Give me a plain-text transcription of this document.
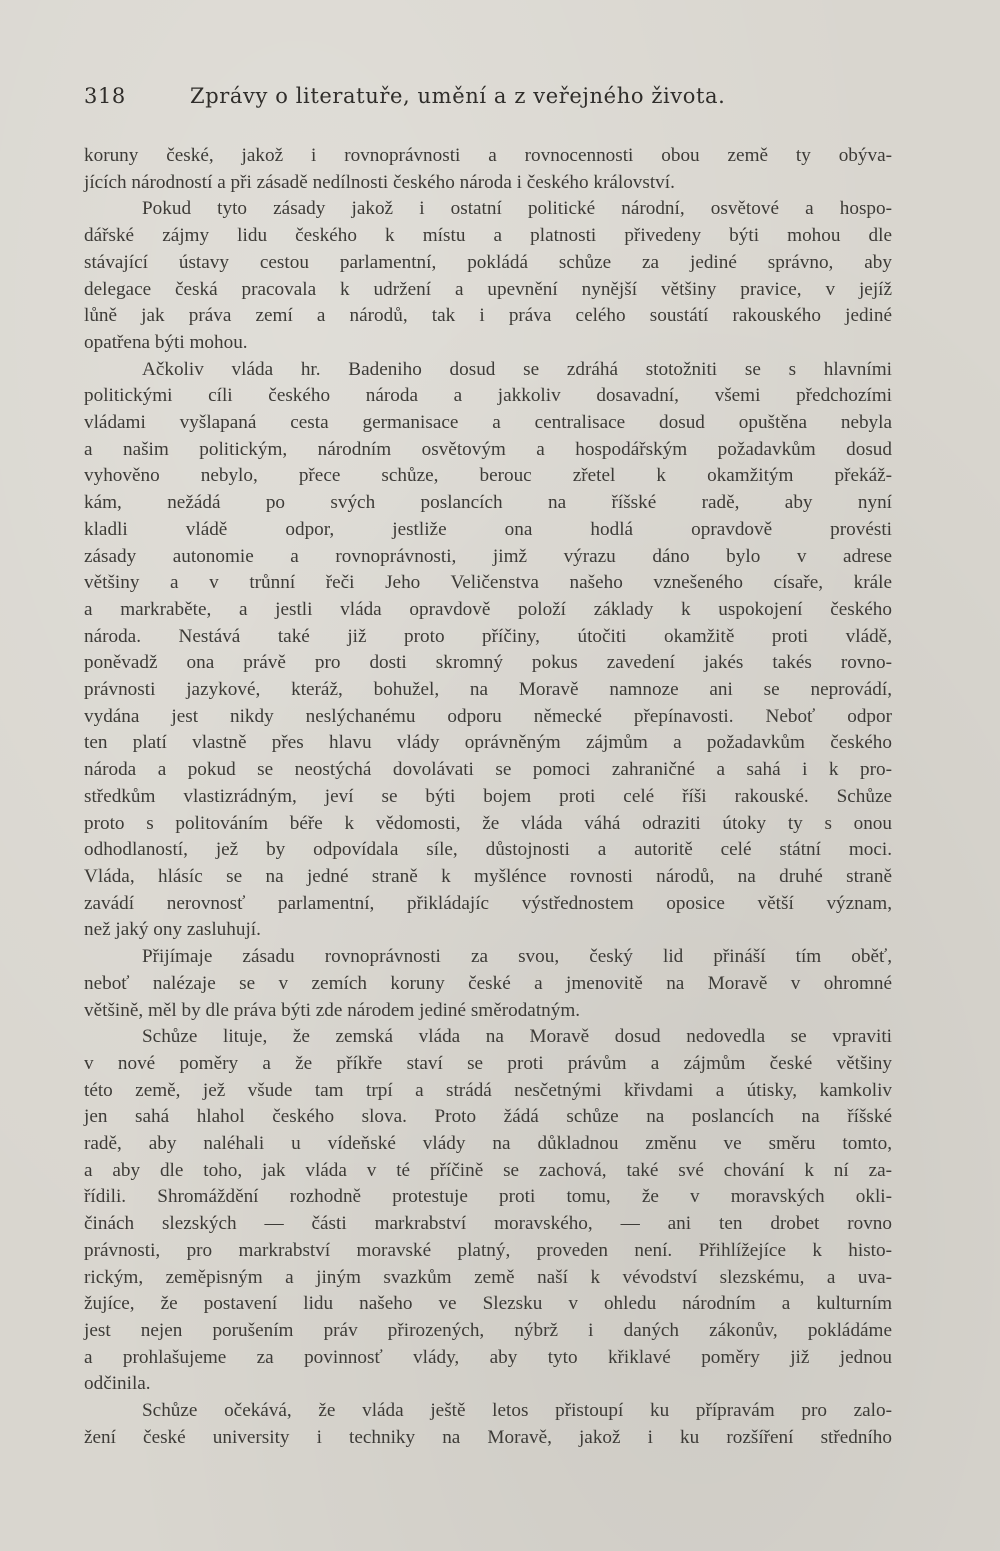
318	Zprávy o literatuře, umění a z veřejného života.
koruny české, jakož i rovnoprávnosti a rovnocennosti obou země ty obýva-
jících národností a při zásadě nedílnosti českého národa i českého království.
Pokud tyto zásady jakož i ostatní politické národní, osvětové a hospo-
dářské zájmy lidu českého k místu a platnosti přivedeny býti mohou dle
stávající ústavy cestou parlamentní, pokládá schůze za jediné správno, aby
delegace česká pracovala k udržení a upevnění nynější většiny pravice, v jejíž
lůně jak práva zemí a národů, tak i práva celého soustátí rakouského jediné
opatřena býti mohou.
Ačkoliv vláda hr. Badeniho dosud se zdráhá stotožniti se s hlavními
politickými cíli českého národa a jakkoliv dosavadní, všemi předchozími
vládami vyšlapaná cesta germanisace a centralisace dosud opuštěna nebyla
a našim politickým, národním osvětovým a hospodářským požadavkům dosud
vyhověno nebylo, přece schůze, berouc zřetel k okamžitým překáž-
kám, nežádá po svých poslancích na říšské radě, aby nyní
kladli vládě odpor, jestliže ona hodlá opravdově provésti
zásady autonomie a rovnoprávnosti, jimž výrazu dáno bylo v adrese
většiny a v trůnní řeči Jeho Veličenstva našeho vznešeného císaře, krále
a markraběte, a jestli vláda opravdově položí základy k uspokojení českého
národa. Nestává také již proto příčiny, útočiti okamžitě proti vládě,
poněvadž ona právě pro dosti skromný pokus zavedení jakés takés rovno-
právnosti jazykové, kteráž, bohužel, na Moravě namnoze ani se neprovádí,
vydána jest nikdy neslýchanému odporu německé přepínavosti. Neboť odpor
ten platí vlastně přes hlavu vlády oprávněným zájmům a požadavkům českého
národa a pokud se neostýchá dovolávati se pomoci zahraničné a sahá i k pro-
středkům vlastizrádným, jeví se býti bojem proti celé říši rakouské. Schůze
proto s politováním béře k vědomosti, že vláda váhá odraziti útoky ty s onou
odhodlaností, jež by odpovídala síle, důstojnosti a autoritě celé státní moci.
Vláda, hlásíc se na jedné straně k myšlénce rovnosti národů, na druhé straně
zavádí nerovnosť parlamentní, přikládajíc výstřednostem oposice větší význam,
než jaký ony zasluhují.
Přijímaje zásadu rovnoprávnosti za svou, český lid přináší tím oběť,
neboť nalézaje se v zemích koruny české a jmenovitě na Moravě v ohromné
většině, měl by dle práva býti zde národem jediné směrodatným.
Schůze lituje, že zemská vláda na Moravě dosud nedovedla se vpraviti
v nové poměry a že příkře staví se proti právům a zájmům české většiny
této země, jež všude tam trpí a strádá nesčetnými křivdami a útisky, kamkoliv
jen sahá hlahol českého slova. Proto žádá schůze na poslancích na říšské
radě, aby naléhali u vídeňské vlády na důkladnou změnu ve směru tomto,
a aby dle toho, jak vláda v té příčině se zachová, také své chování k ní za-
řídili. Shromáždění rozhodně protestuje proti tomu, že v moravských okli-
činách slezských — části markrabství moravského, — ani ten drobet rovno
právnosti, pro markrabství moravské platný, proveden není. Přihlížejíce k histo-
rickým, zeměpisným a jiným svazkům země naší k vévodství slezskému, a uva-
žujíce, že postavení lidu našeho ve Slezsku v ohledu národním a kulturním
jest nejen porušením práv přirozených, nýbrž i daných zákonův, pokládáme
a prohlašujeme za povinnosť vlády, aby tyto křiklavé poměry již jednou
odčinila.
Schůze očekává, že vláda ještě letos přistoupí ku přípravám pro zalo-
žení české university i techniky na Moravě, jakož i ku rozšíření středního
